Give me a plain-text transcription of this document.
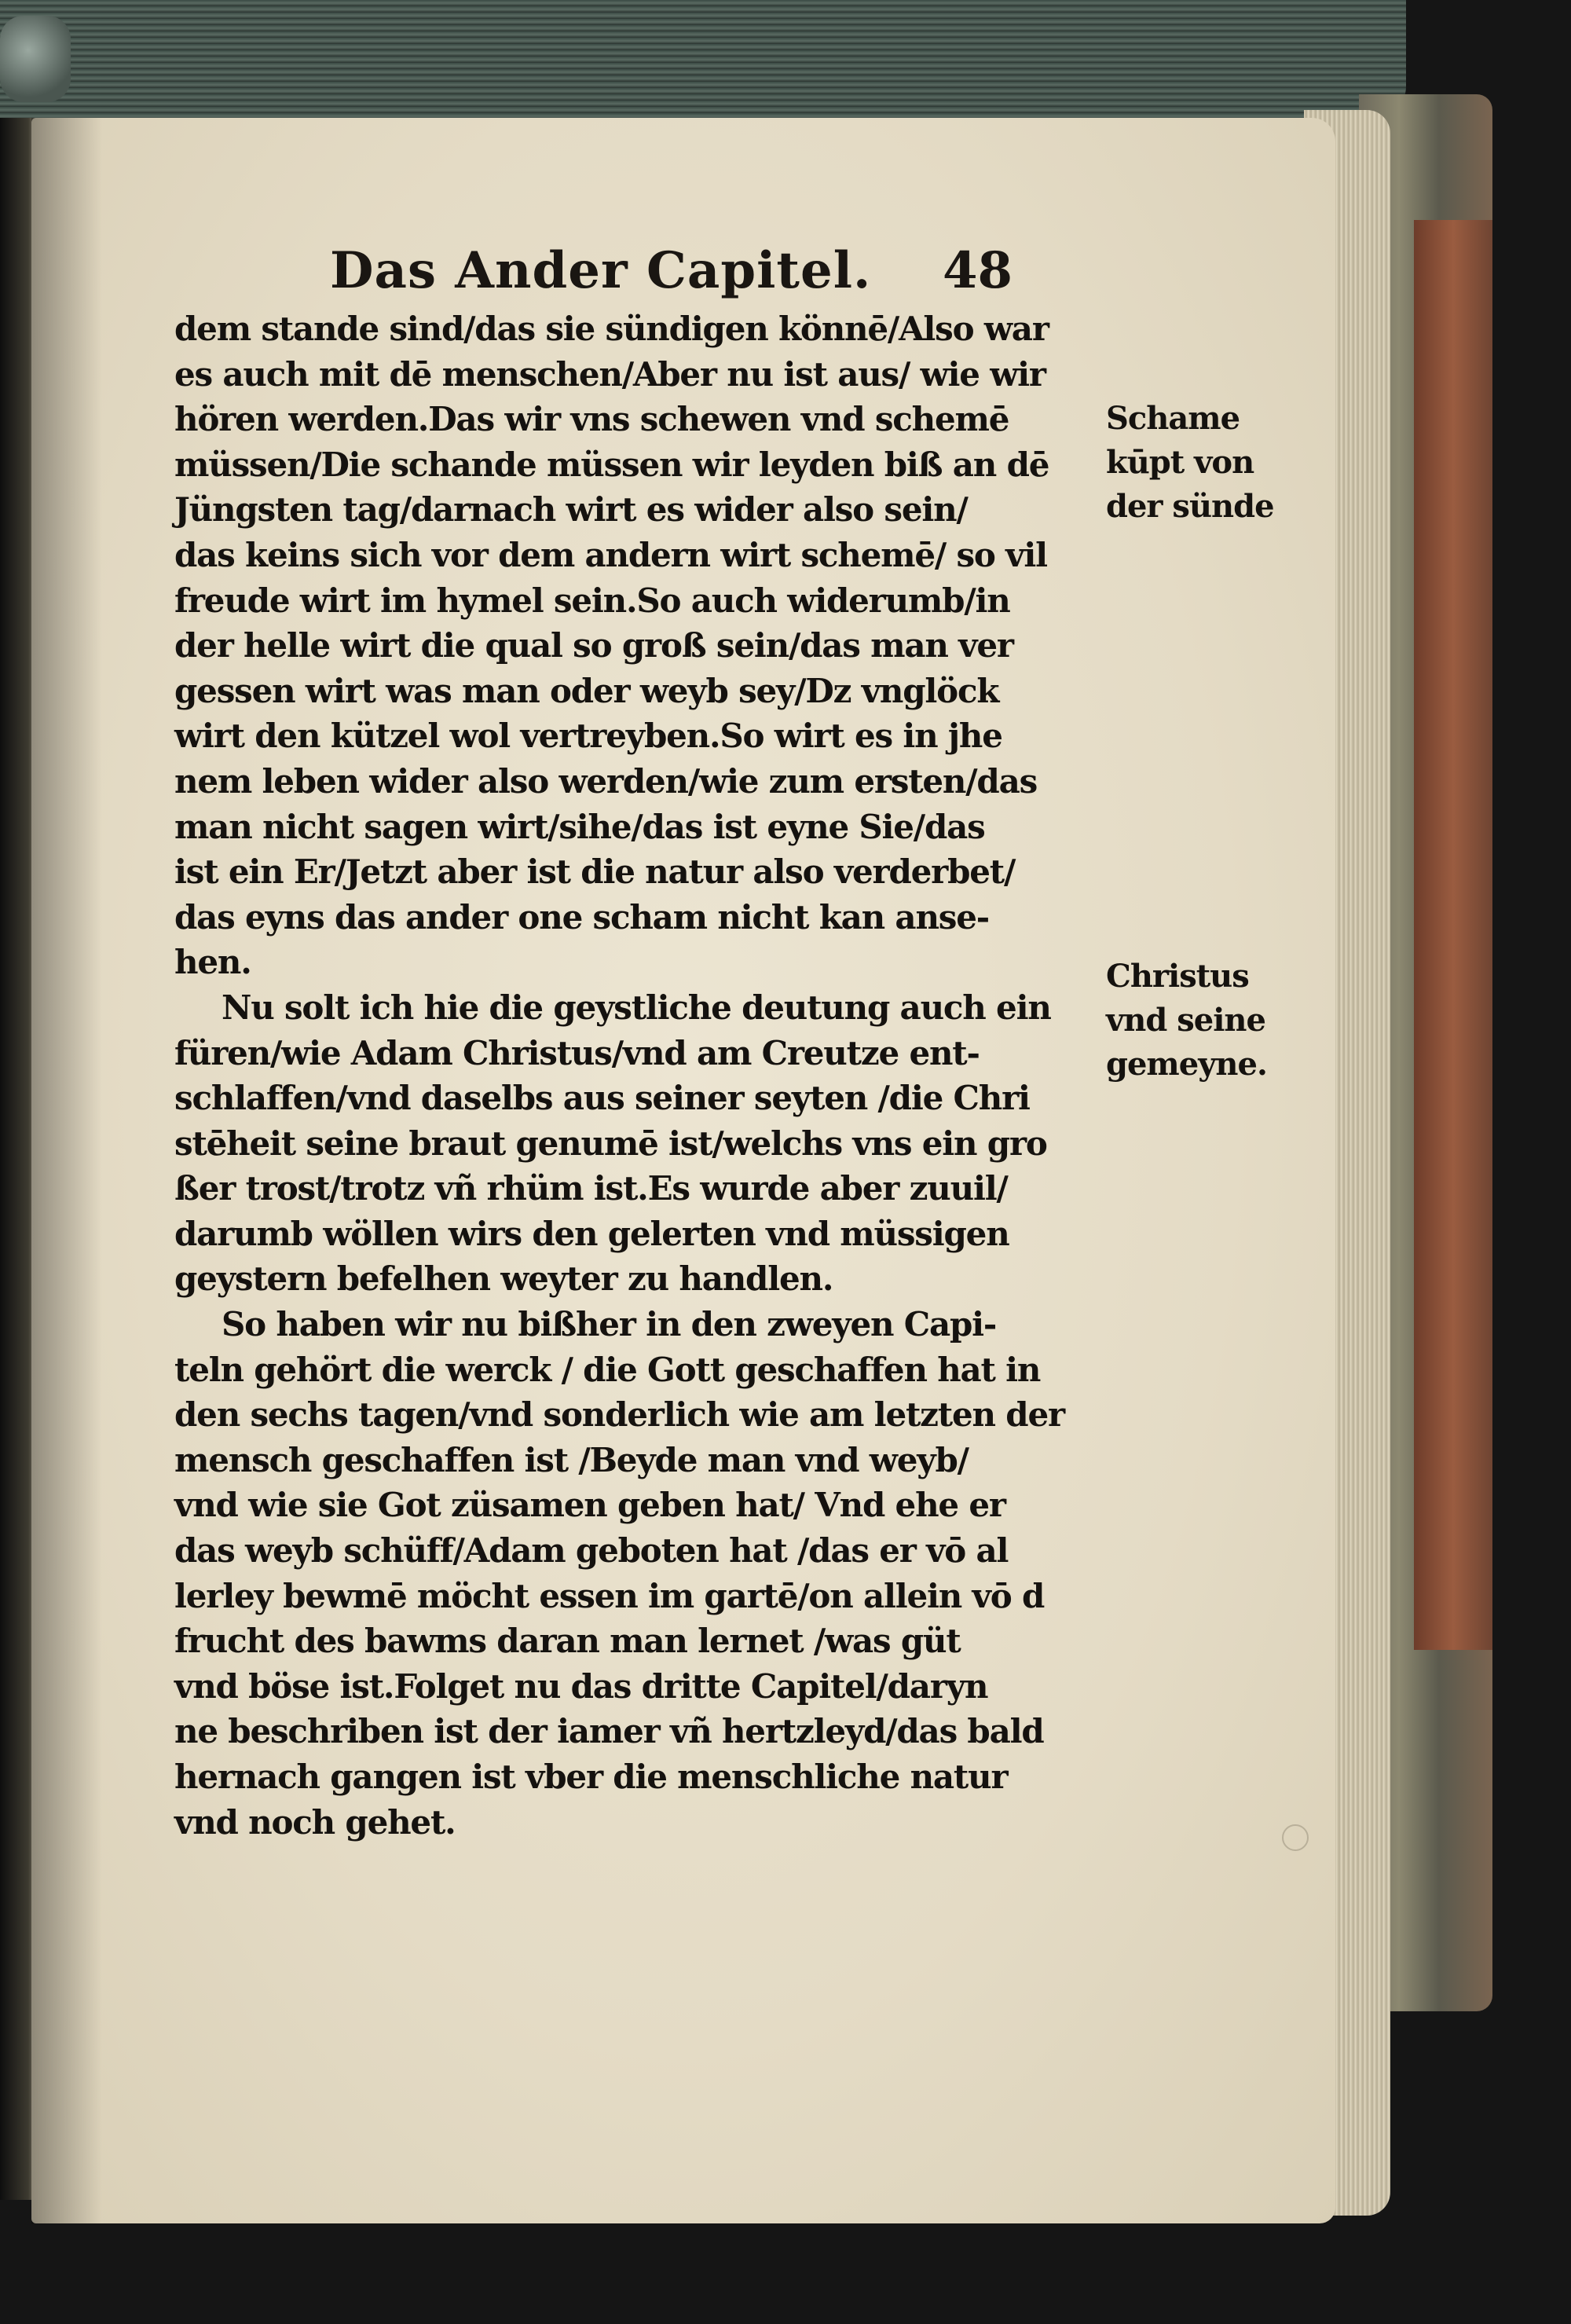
Das Ander Capitel. 48
dem stande sind/das sie sündigen könnē/Also war
es auch mit dē menschen/Aber nu ist aus/ wie wir
hören werden.Das wir vns schewen vnd schemē
müssen/Die schande müssen wir leyden biß an dē
Jüngsten tag/darnach wirt es wider also sein/
das keins sich vor dem andern wirt schemē/ so vil
freude wirt im hymel sein.So auch widerumb/in
der helle wirt die qual so groß sein/das man ver
gessen wirt was man oder weyb sey/Dz vnglöck
wirt den kützel wol vertreyben.So wirt es in jhe
nem leben wider also werden/wie zum ersten/das
man nicht sagen wirt/sihe/das ist eyne Sie/das
ist ein Er/Jetzt aber ist die natur also verderbet/
das eyns das ander one scham nicht kan anse-
hen.
Nu solt ich hie die geystliche deutung auch ein
füren/wie Adam Christus/vnd am Creutze ent-
schlaffen/vnd daselbs aus seiner seyten /die Chri
stēheit seine braut genumē ist/welchs vns ein gro
ßer trost/trotz vñ rhüm ist.Es wurde aber zuuil/
darumb wöllen wirs den gelerten vnd müssigen
geystern befelhen weyter zu handlen.
So haben wir nu bißher in den zweyen Capi-
teln gehört die werck / die Gott geschaffen hat in
den sechs tagen/vnd sonderlich wie am letzten der
mensch geschaffen ist /Beyde man vnd weyb/
vnd wie sie Got züsamen geben hat/ Vnd ehe er
das weyb schüff/Adam geboten hat /das er vō al
lerley bewmē möcht essen im gartē/on allein vō d
frucht des bawms daran man lernet /was güt
vnd böse ist.Folget nu das dritte Capitel/daryn
ne beschriben ist der iamer vñ hertzleyd/das bald
hernach gangen ist vber die menschliche natur
vnd noch gehet.
Schame
kūpt von
der sünde
Christus
vnd seine
gemeyne.
